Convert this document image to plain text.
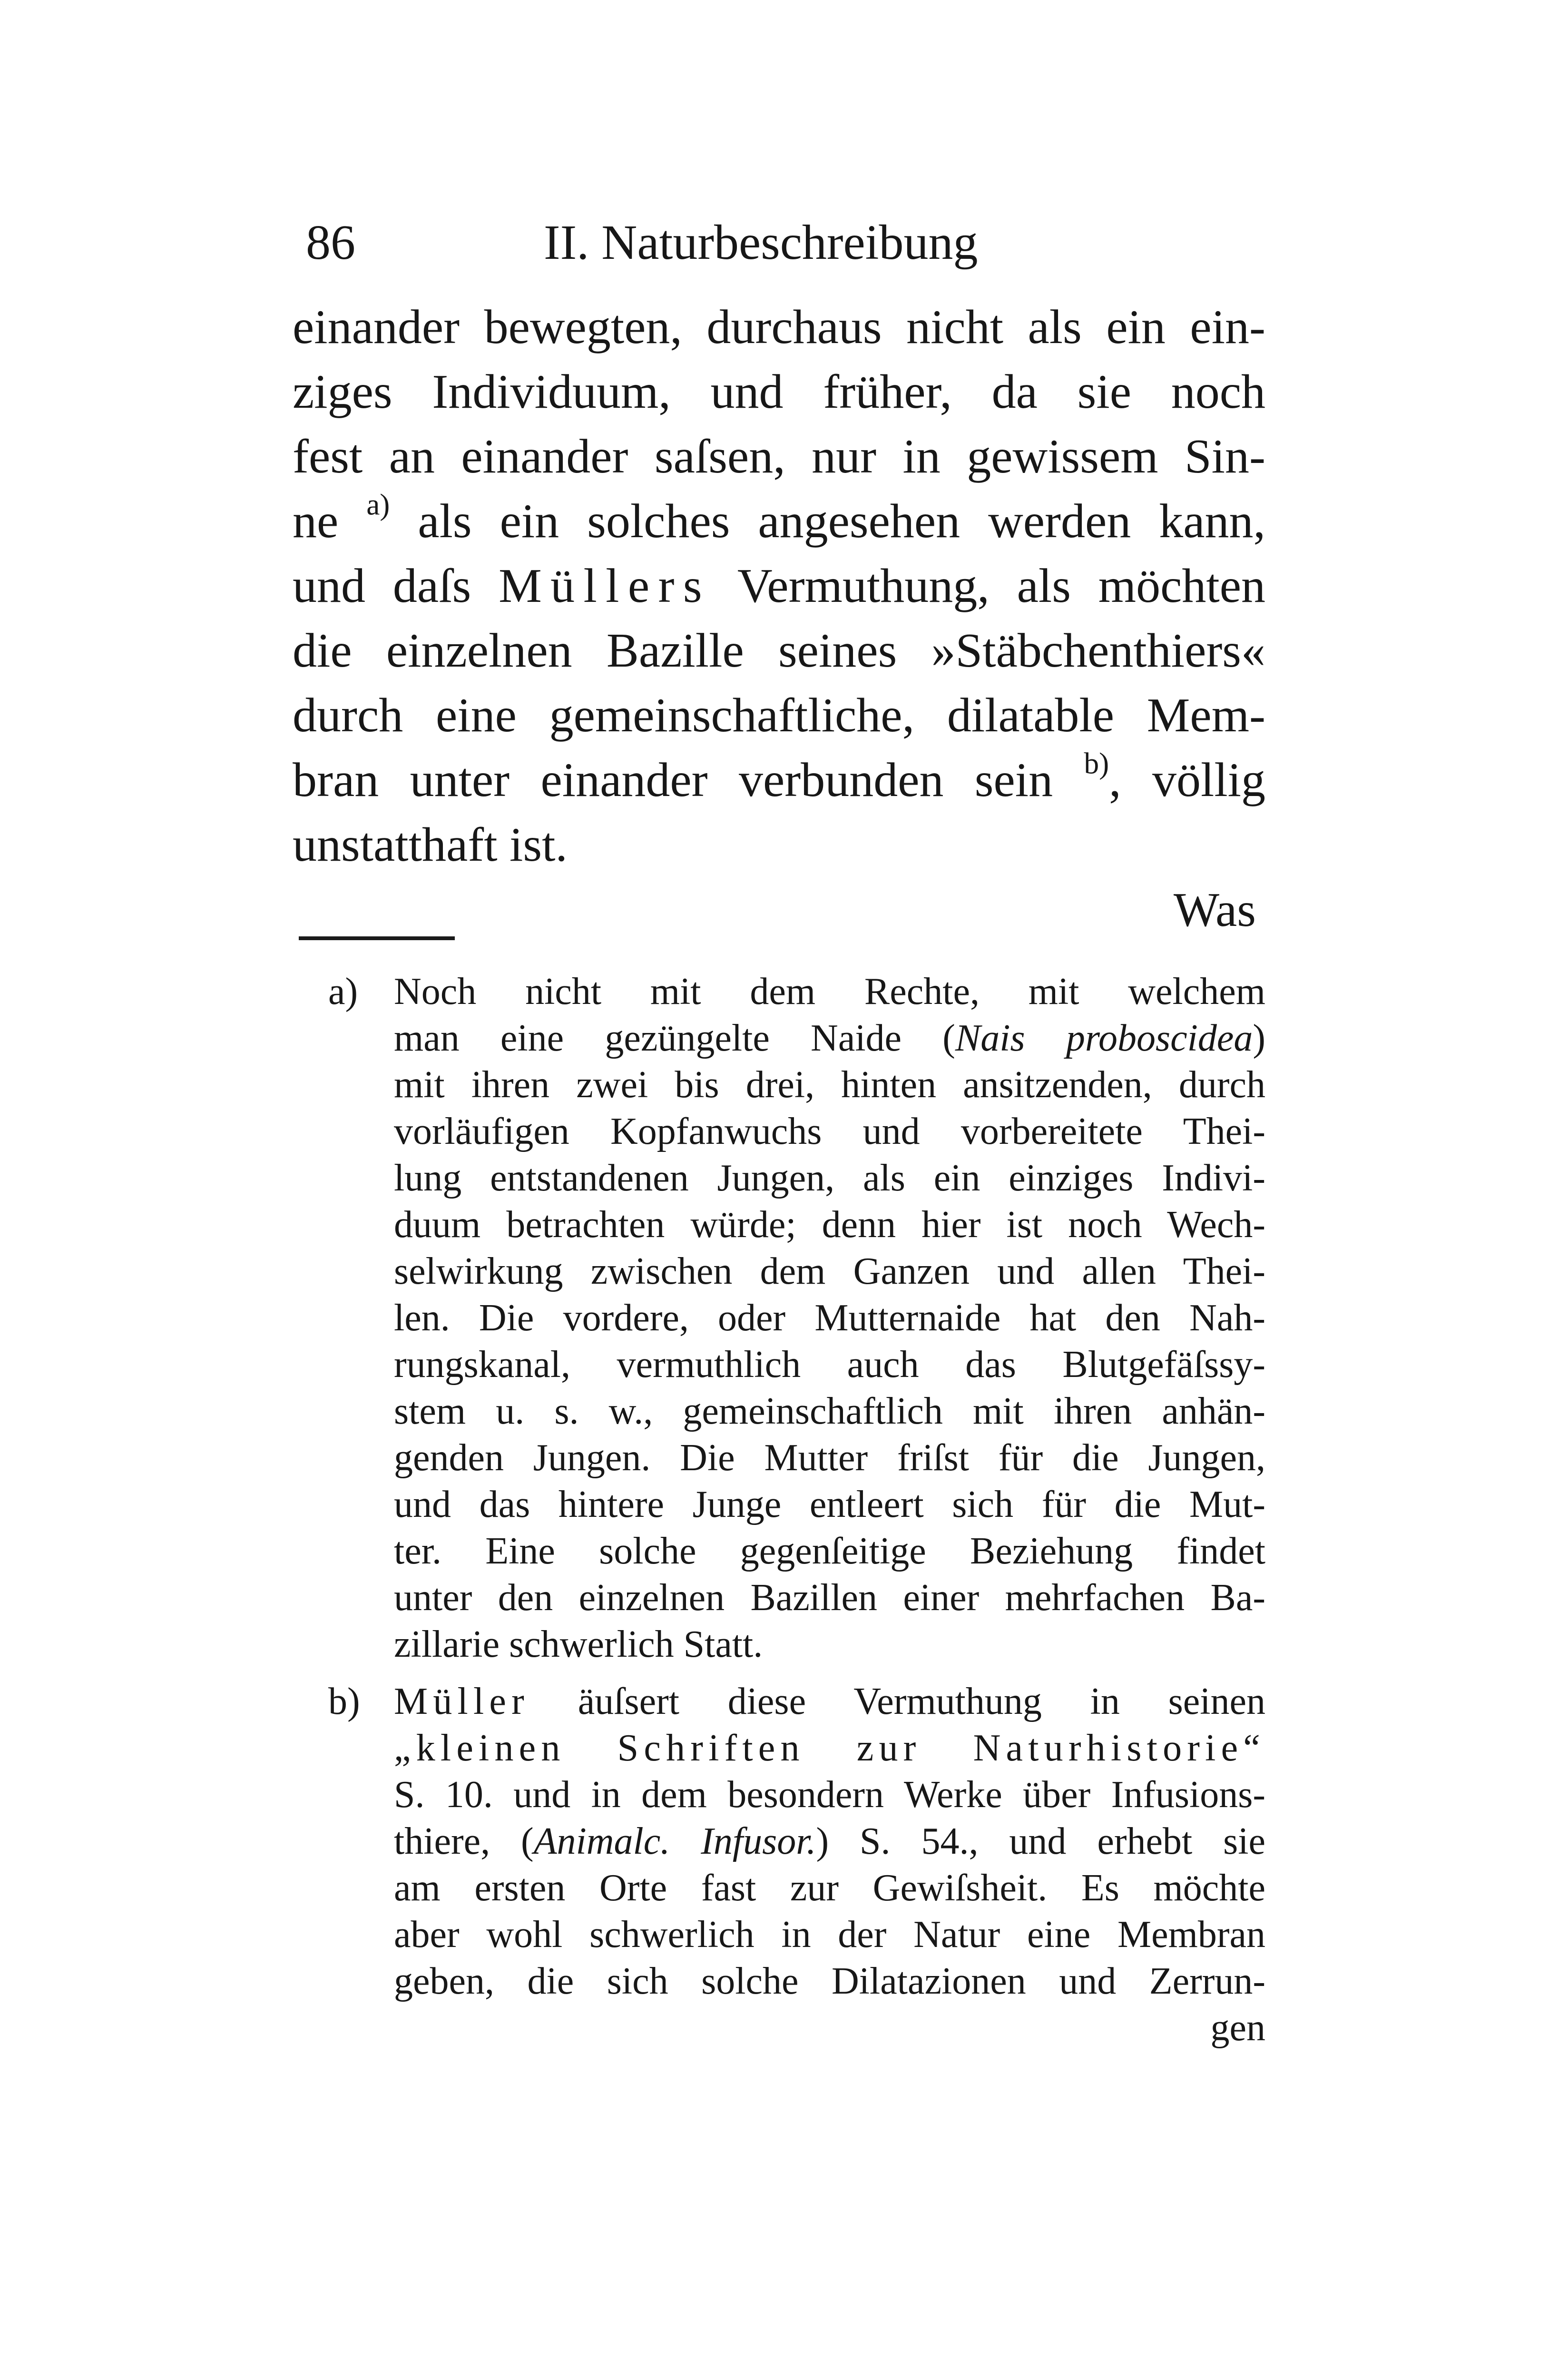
86	II. Naturbeschreibung
einander bewegten, durchaus nicht als ein ein-
ziges Individuum, und früher, da sie noch
fest an einander saſsen, nur in gewissem Sin-
ne $^{a)}$ als ein solches angesehen werden kann,
und daſs Müllers Vermuthung, als möchten
die einzelnen Bazille seines »Stäbchenthiers«
durch eine gemeinschaftliche, dilatable Mem-
bran unter einander verbunden sein $^{b)}$, völlig
unstatthaft ist.
Was
a) Noch nicht mit dem Rechte, mit welchem
man eine gezüngelte Naide (Nais proboscidea)
mit ihren zwei bis drei, hinten ansitzenden, durch
vorläufigen Kopfanwuchs und vorbereitete Thei-
lung entstandenen Jungen, als ein einziges Indivi-
duum betrachten würde; denn hier ist noch Wech-
selwirkung zwischen dem Ganzen und allen Thei-
len. Die vordere, oder Mutternaide hat den Nah-
rungskanal, vermuthlich auch das Blutgefäſssy-
stem u. s. w., gemeinschaftlich mit ihren anhän-
genden Jungen. Die Mutter friſst für die Jungen,
und das hintere Junge entleert sich für die Mut-
ter. Eine solche gegenſeitige Beziehung findet
unter den einzelnen Bazillen einer mehrfachen Ba-
zillarie schwerlich Statt.
b) Müller äuſsert diese Vermuthung in seinen
„kleinen Schriften zur Naturhistorie“
S. 10. und in dem besondern Werke über Infusions-
thiere, (Animalc. Infusor.) S. 54., und erhebt sie
am ersten Orte fast zur Gewiſsheit. Es möchte
aber wohl schwerlich in der Natur eine Membran
geben, die sich solche Dilatazionen und Zerrun-
gen
